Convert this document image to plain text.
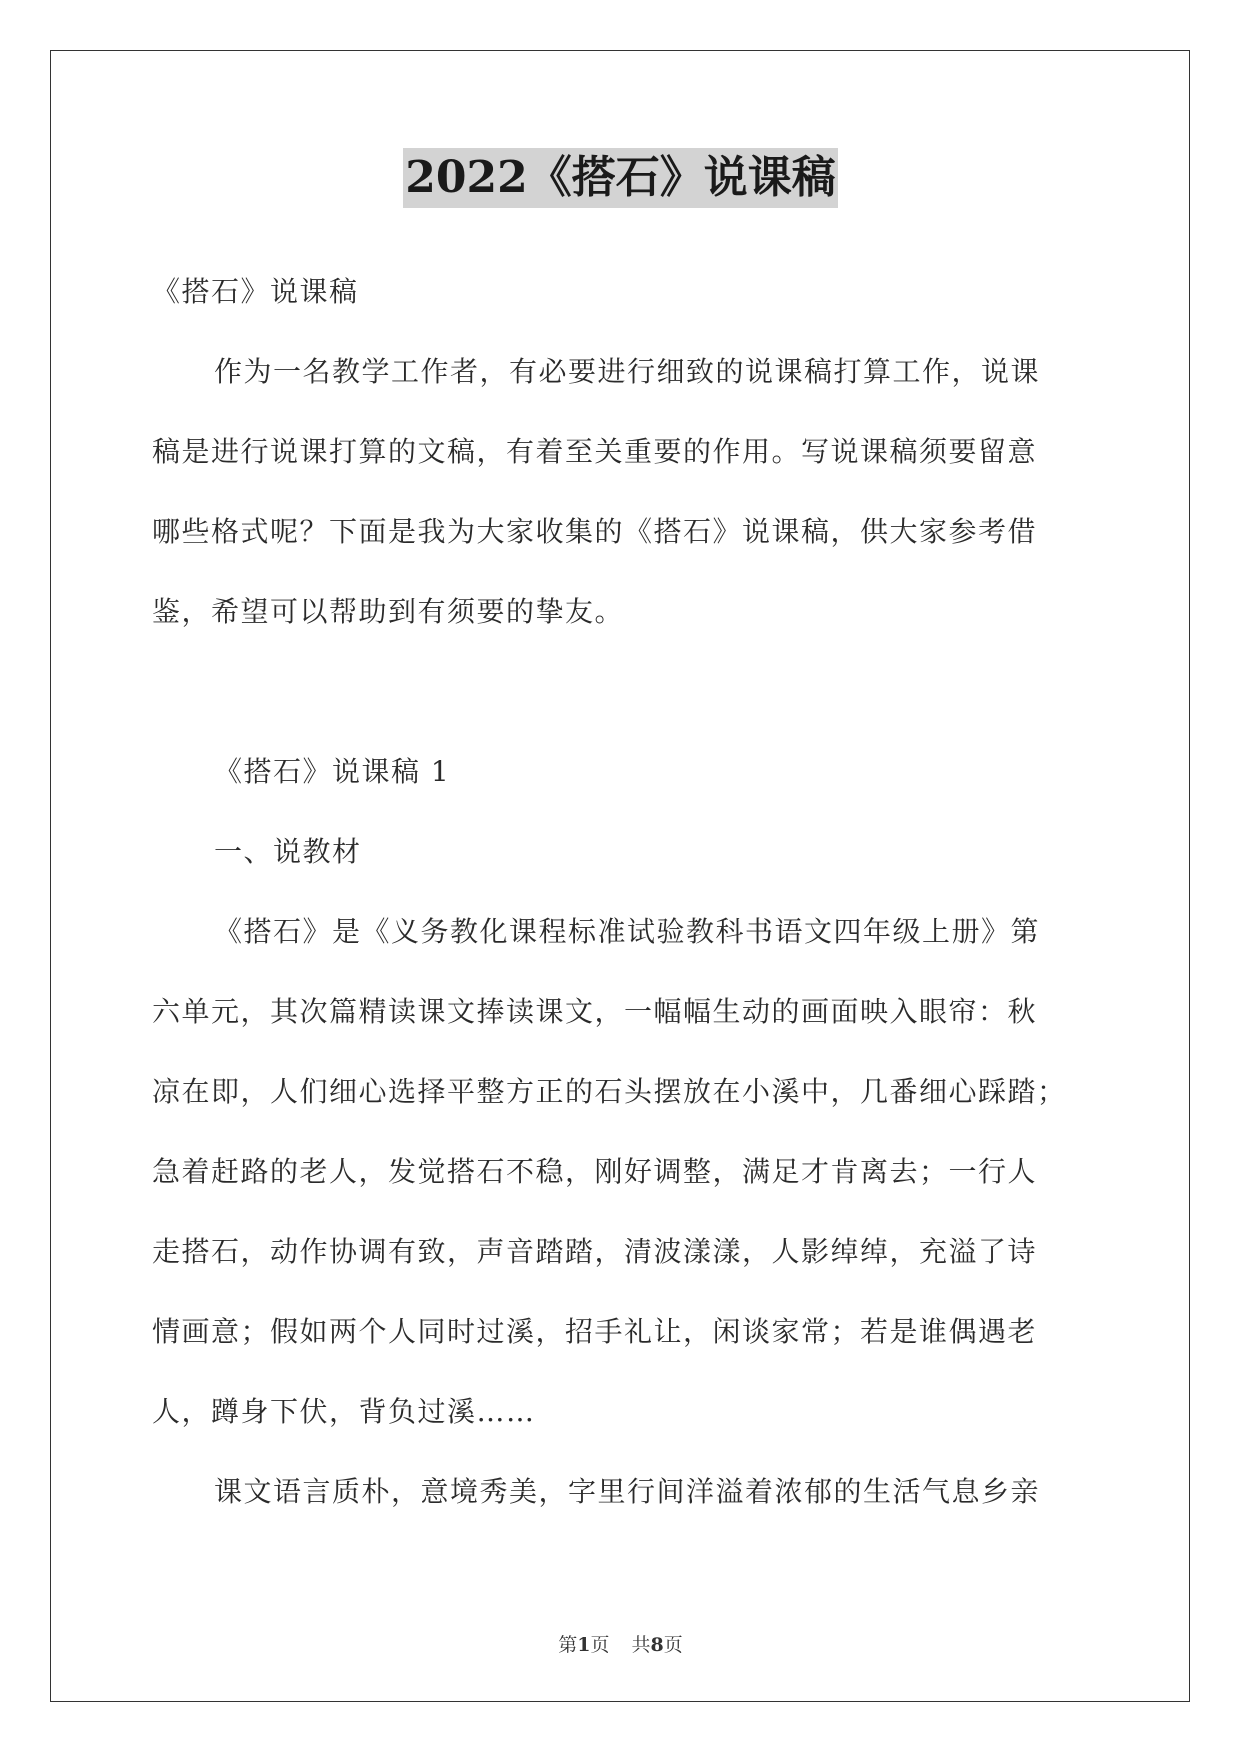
2022《搭石》说课稿
《搭石》说课稿
作为一名教学工作者，有必要进行细致的说课稿打算工作，说课
稿是进行说课打算的文稿，有着至关重要的作用。写说课稿须要留意
哪些格式呢？下面是我为大家收集的《搭石》说课稿，供大家参考借
鉴，希望可以帮助到有须要的挚友。
《搭石》说课稿 1
一、说教材
《搭石》是《义务教化课程标准试验教科书语文四年级上册》第
六单元，其次篇精读课文捧读课文，一幅幅生动的画面映入眼帘：秋
凉在即，人们细心选择平整方正的石头摆放在小溪中，几番细心踩踏；
急着赶路的老人，发觉搭石不稳，刚好调整，满足才肯离去；一行人
走搭石，动作协调有致，声音踏踏，清波漾漾，人影绰绰，充溢了诗
情画意；假如两个人同时过溪，招手礼让，闲谈家常；若是谁偶遇老
人，蹲身下伏，背负过溪……
课文语言质朴，意境秀美，字里行间洋溢着浓郁的生活气息乡亲
第1页 共8页
